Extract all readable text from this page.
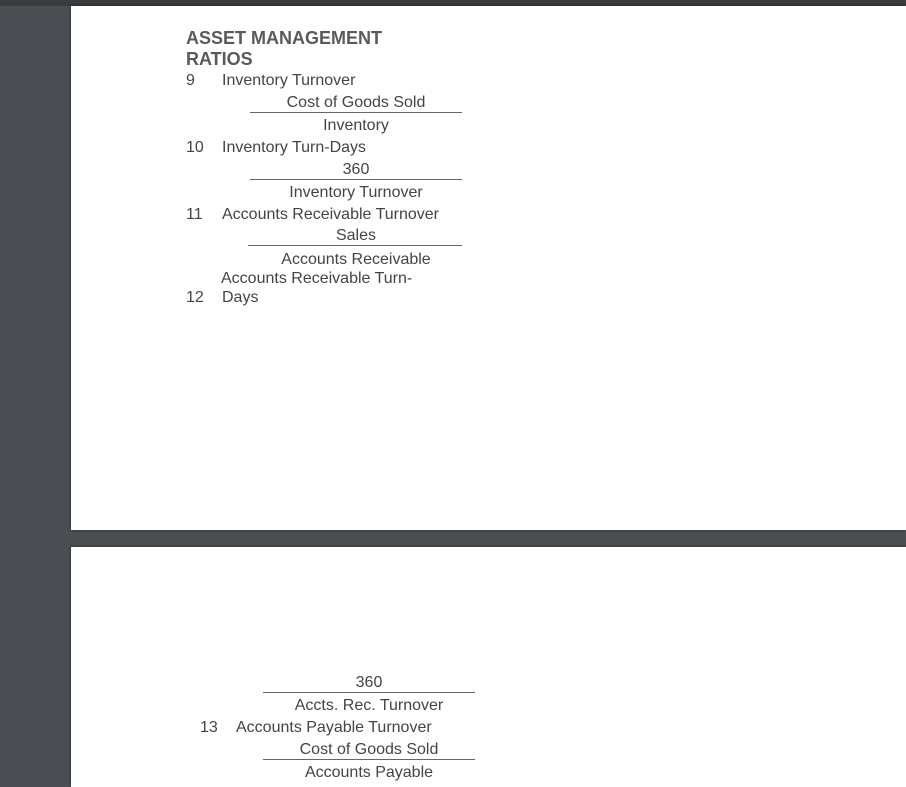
ASSET MANAGEMENT RATIOS
9 Inventory Turnover
Cost of Goods Sold
Inventory
10 Inventory Turn-Days
360
Inventory Turnover
11 Accounts Receivable Turnover
Sales
Accounts Receivable
Accounts Receivable Turn-
12 Days
360
Accts. Rec. Turnover
13 Accounts Payable Turnover
Cost of Goods Sold
Accounts Payable
